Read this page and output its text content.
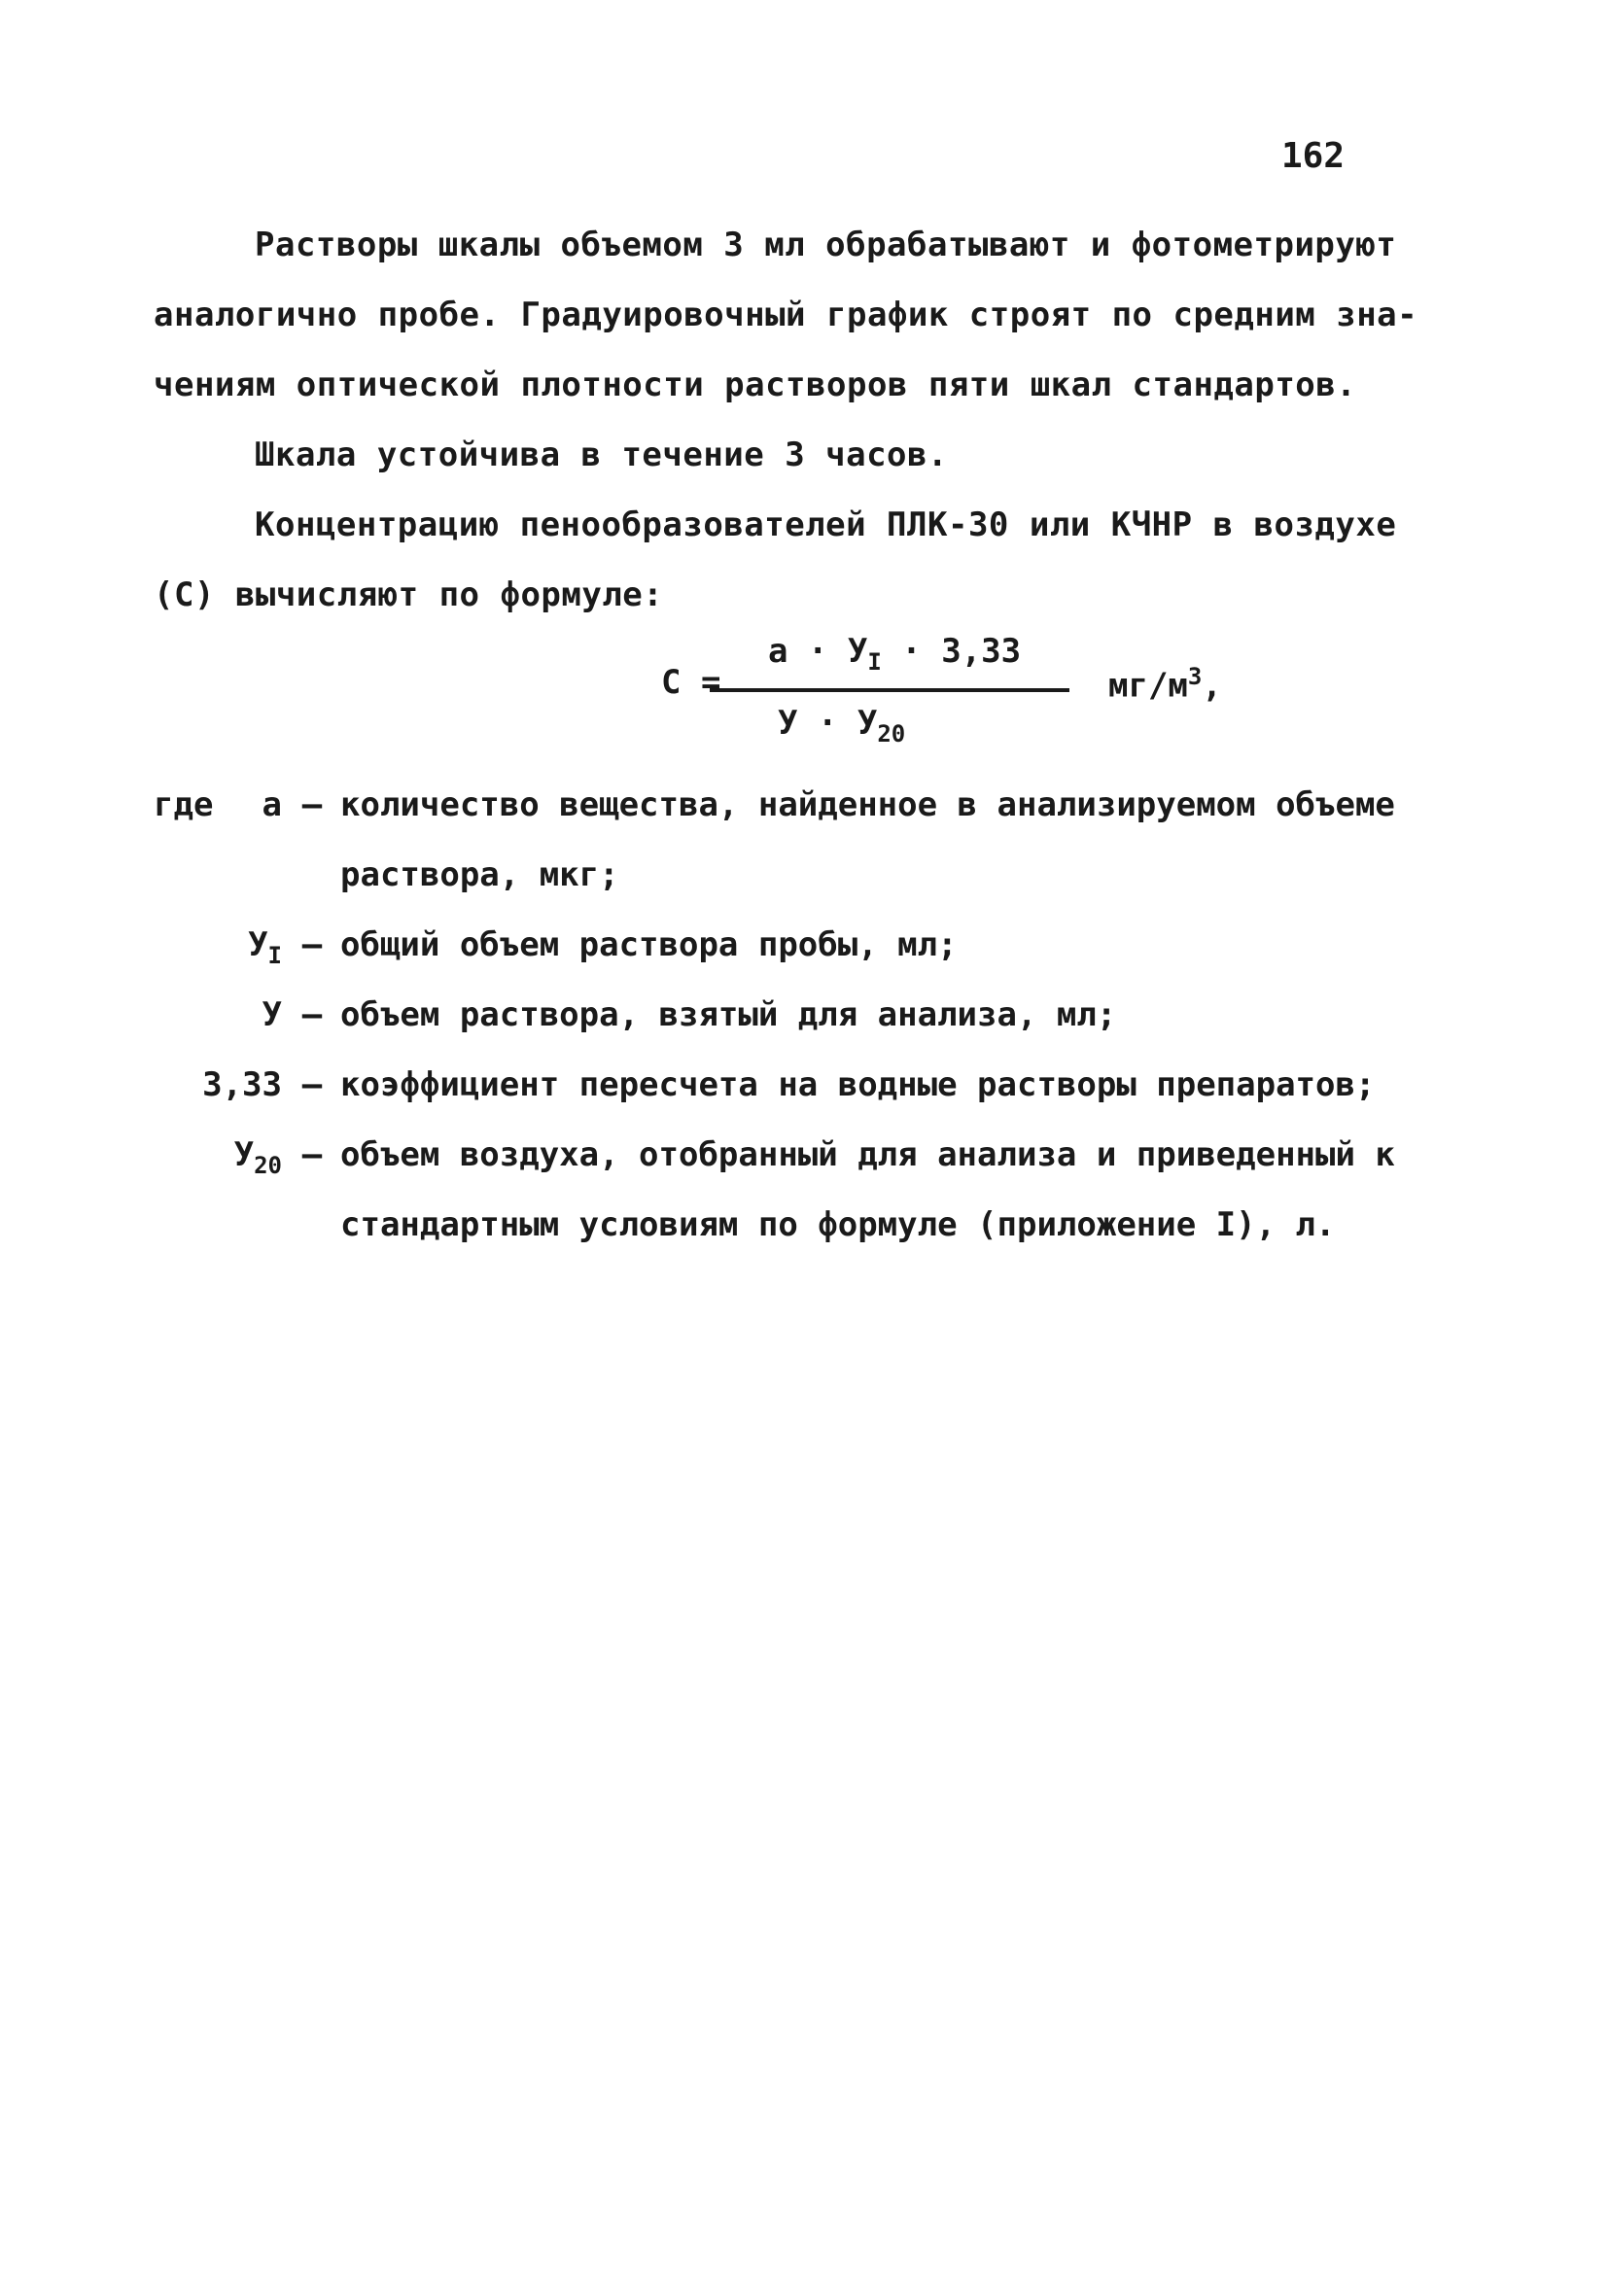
162
Растворы шкалы объемом 3 мл обрабатывают и фотометрируют
аналогично пробе. Градуировочный график строят по средним зна-
чениям оптической плотности растворов пяти шкал стандартов.
Шкала устойчива в течение 3 часов.
Концентрацию пенообразователей ПЛК-30 или КЧНР в воздухе
(С) вычисляют по формуле:
С =
$а \cdot У_I \cdot 3,33$
$У \cdot У_{20}$
$мг/м^3$,
где	а – количество вещества, найденное в анализируемом объеме
раствора, мкг;
$У_I$ – общий объем раствора пробы, мл;
У – объем раствора, взятый для анализа, мл;
3,33 – коэффициент пересчета на водные растворы препаратов;
$У_{20}$ – объем воздуха, отобранный для анализа и приведенный к
стандартным условиям по формуле (приложение I), л.
